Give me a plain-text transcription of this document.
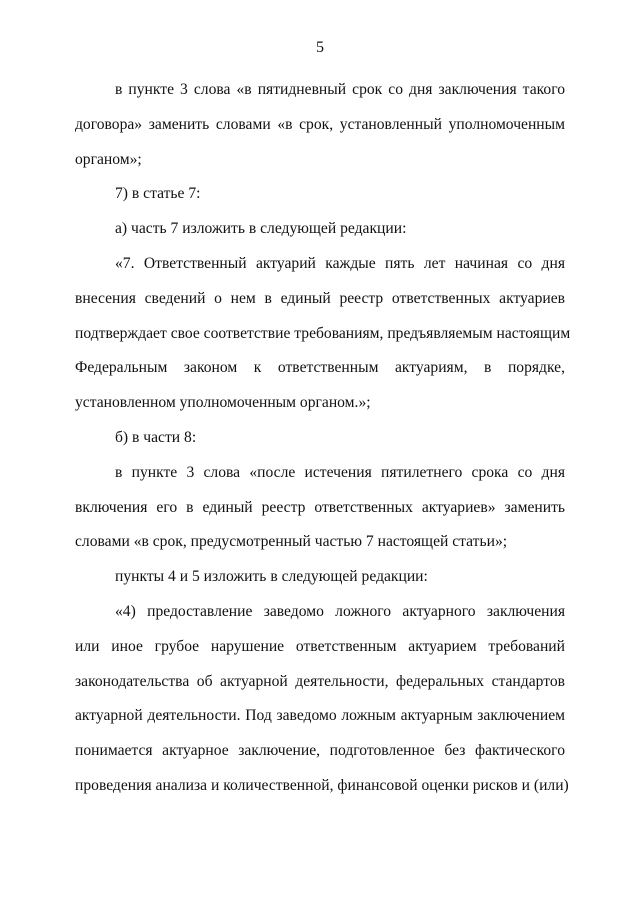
5
в пункте 3 слова «в пятидневный срок со дня заключения такого
договора» заменить словами «в срок, установленный уполномоченным
органом»;
7) в статье 7:
а) часть 7 изложить в следующей редакции:
«7. Ответственный актуарий каждые пять лет начиная со дня
внесения сведений о нем в единый реестр ответственных актуариев
подтверждает свое соответствие требованиям, предъявляемым настоящим
Федеральным законом к ответственным актуариям, в порядке,
установленном уполномоченным органом.»;
б) в части 8:
в пункте 3 слова «после истечения пятилетнего срока со дня
включения его в единый реестр ответственных актуариев» заменить
словами «в срок, предусмотренный частью 7 настоящей статьи»;
пункты 4 и 5 изложить в следующей редакции:
«4) предоставление заведомо ложного актуарного заключения
или иное грубое нарушение ответственным актуарием требований
законодательства об актуарной деятельности, федеральных стандартов
актуарной деятельности. Под заведомо ложным актуарным заключением
понимается актуарное заключение, подготовленное без фактического
проведения анализа и количественной, финансовой оценки рисков и (или)
